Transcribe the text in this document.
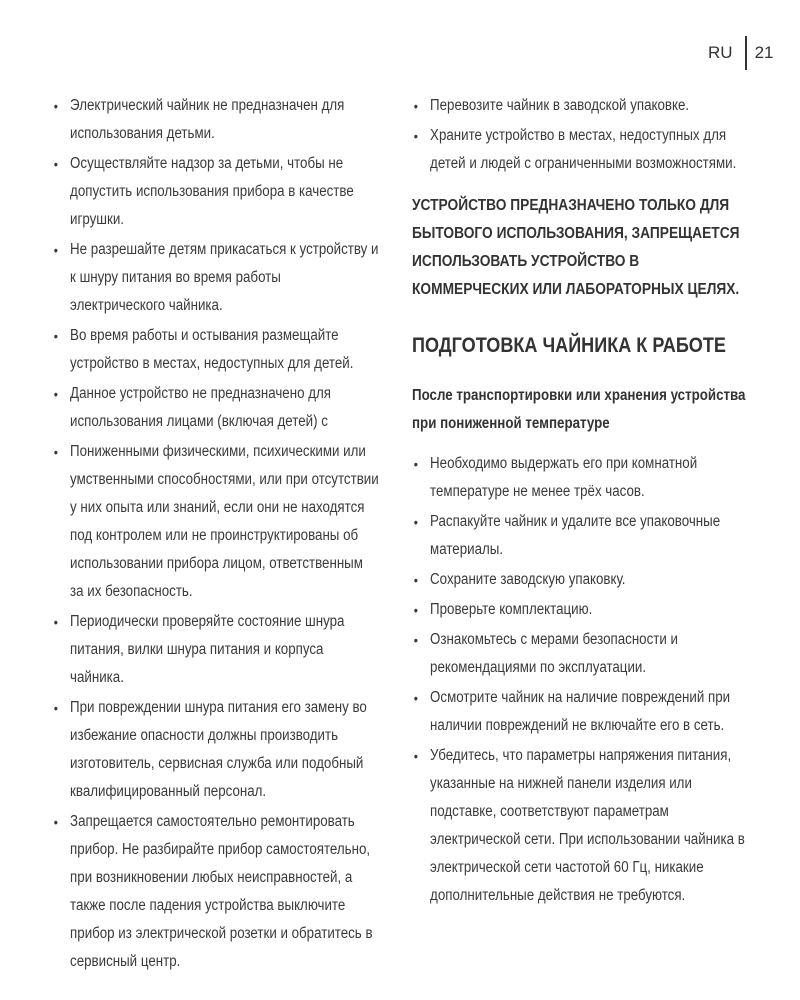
RU	21
• Электрический чайник не предназначен для использования детьми.
• Осуществляйте надзор за детьми, чтобы не допустить использования прибора в качестве игрушки.
• Не разрешайте детям прикасаться к устройству и к шнуру питания во время работы электрического чайника.
• Во время работы и остывания размещайте устройство в местах, недоступных для детей.
• Данное устройство не предназначено для использования лицами (включая детей) с
• Пониженными физическими, психическими или умственными способностями, или при отсутствии у них опыта или знаний, если они не находятся под контролем или не проинструктированы об использовании прибора лицом, ответственным за их безопасность.
• Периодически проверяйте состояние шнура питания, вилки шнура питания и корпуса чайника.
• При повреждении шнура питания его замену во избежание опасности должны производить изготовитель, сервисная служба или подобный квалифицированный персонал.
• Запрещается самостоятельно ремонтировать прибор. Не разбирайте прибор самостоятельно, при возникновении любых неисправностей, а также после падения устройства выключите прибор из электрической розетки и обратитесь в сервисный центр.
• Перевозите чайник в заводской упаковке.
• Храните устройство в местах, недоступных для детей и людей с ограниченными возможностями.
УСТРОЙСТВО ПРЕДНАЗНАЧЕНО ТОЛЬКО ДЛЯ БЫТОВОГО ИСПОЛЬЗОВАНИЯ, ЗАПРЕЩАЕТСЯ ИСПОЛЬЗОВАТЬ УСТРОЙСТВО В КОММЕРЧЕСКИХ ИЛИ ЛАБОРАТОРНЫХ ЦЕЛЯХ.
ПОДГОТОВКА ЧАЙНИКА К РАБОТЕ
После транспортировки или хранения устройства при пониженной температуре
• Необходимо выдержать его при комнатной температуре не менее трёх часов.
• Распакуйте чайник и удалите все упаковочные материалы.
• Сохраните заводскую упаковку.
• Проверьте комплектацию.
• Ознакомьтесь с мерами безопасности и рекомендациями по эксплуатации.
• Осмотрите чайник на наличие повреждений при наличии повреждений не включайте его в сеть.
• Убедитесь, что параметры напряжения питания, указанные на нижней панели изделия или подставке, соответствуют параметрам электрической сети. При использовании чайника в электрической сети частотой 60 Гц, никакие дополнительные действия не требуются.
